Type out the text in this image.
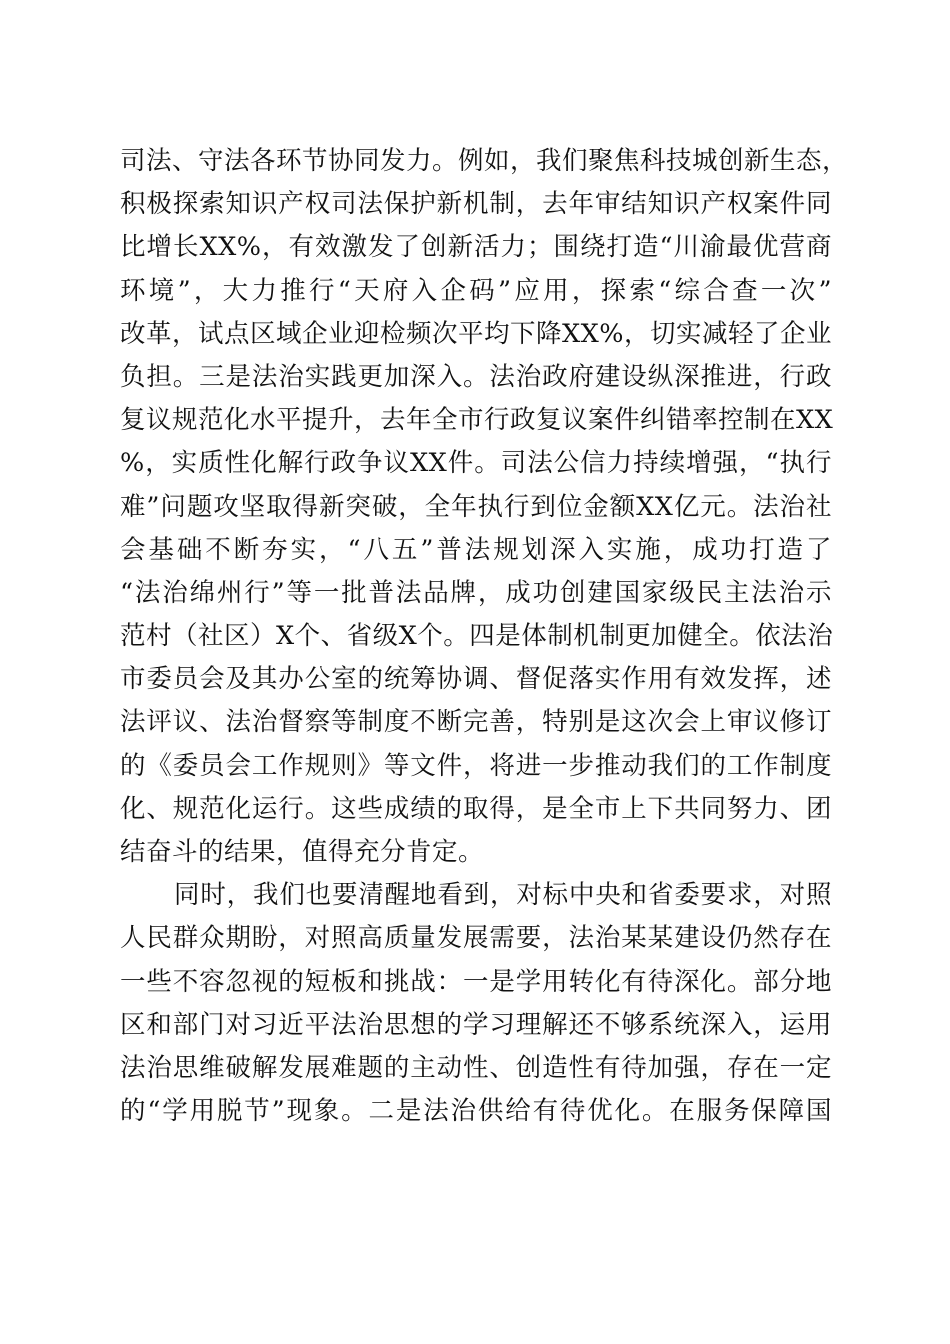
司法、守法各环节协同发力。例如，我们聚焦科技城创新生态，
积极探索知识产权司法保护新机制，去年审结知识产权案件同
比增长XX%，有效激发了创新活力；围绕打造“川渝最优营商
环境”，大力推行“天府入企码”应用，探索“综合查一次”
改革，试点区域企业迎检频次平均下降XX%，切实减轻了企业
负担。三是法治实践更加深入。法治政府建设纵深推进，行政
复议规范化水平提升，去年全市行政复议案件纠错率控制在XX
%，实质性化解行政争议XX件。司法公信力持续增强，“执行
难”问题攻坚取得新突破，全年执行到位金额XX亿元。法治社
会基础不断夯实，“八五”普法规划深入实施，成功打造了
“法治绵州行”等一批普法品牌，成功创建国家级民主法治示
范村（社区）X个、省级X个。四是体制机制更加健全。依法治
市委员会及其办公室的统筹协调、督促落实作用有效发挥，述
法评议、法治督察等制度不断完善，特别是这次会上审议修订
的《委员会工作规则》等文件，将进一步推动我们的工作制度
化、规范化运行。这些成绩的取得，是全市上下共同努力、团
结奋斗的结果，值得充分肯定。
同时，我们也要清醒地看到，对标中央和省委要求，对照
人民群众期盼，对照高质量发展需要，法治某某建设仍然存在
一些不容忽视的短板和挑战：一是学用转化有待深化。部分地
区和部门对习近平法治思想的学习理解还不够系统深入，运用
法治思维破解发展难题的主动性、创造性有待加强，存在一定
的“学用脱节”现象。二是法治供给有待优化。在服务保障国
